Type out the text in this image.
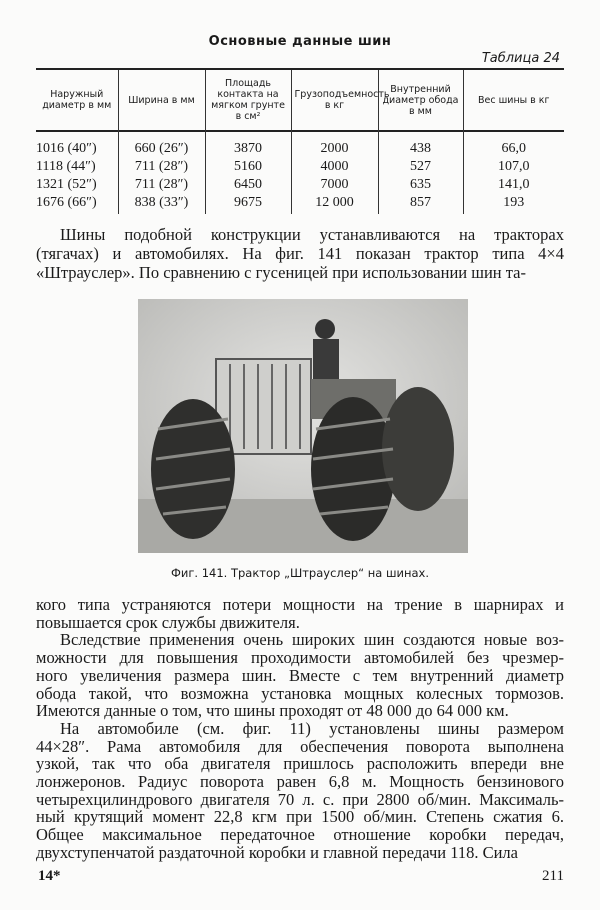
Основные данные шин
Таблица 24
Наружный диаметр в мм	Ширина в мм	Площадь контакта на мягком грунте в см²	Грузоподъемность в кг	Внутренний диаметр обода в мм	Вес шины в кг
1016 (40″)	660 (26″)	3870	2000	438	66,0
1118 (44″)	711 (28″)	5160	4000	527	107,0
1321 (52″)	711 (28″)	6450	7000	635	141,0
1676 (66″)	838 (33″)	9675	12 000	857	193
Шины подобной конструкции устанавливаются на тракторах
(тягачах) и автомобилях. На фиг. 141 показан трактор типа 4×4
«Штрауслер». По сравнению с гусеницей при использовании шин та-
Фиг. 141. Трактор „Штрауслер“ на шинах.
кого типа устраняются потери мощности на трение в шарнирах и
повышается срок службы движителя.
Вследствие применения очень широких шин создаются новые воз-
можности для повышения проходимости автомобилей без чрезмер-
ного увеличения размера шин. Вместе с тем внутренний диаметр
обода такой, что возможна установка мощных колесных тормозов.
Имеются данные о том, что шины проходят от 48 000 до 64 000 км.
На автомобиле (см. фиг. 11) установлены шины размером
44×28″. Рама автомобиля для обеспечения поворота выполнена
узкой, так что оба двигателя пришлось расположить впереди вне
лонжеронов. Радиус поворота равен 6,8 м. Мощность бензинового
четырехцилиндрового двигателя 70 л. с. при 2800 об/мин. Максималь-
ный крутящий момент 22,8 кгм при 1500 об/мин. Степень сжатия 6.
Общее максимальное передаточное отношение коробки передач,
двухступенчатой раздаточной коробки и главной передачи 118. Сила
14*	211
